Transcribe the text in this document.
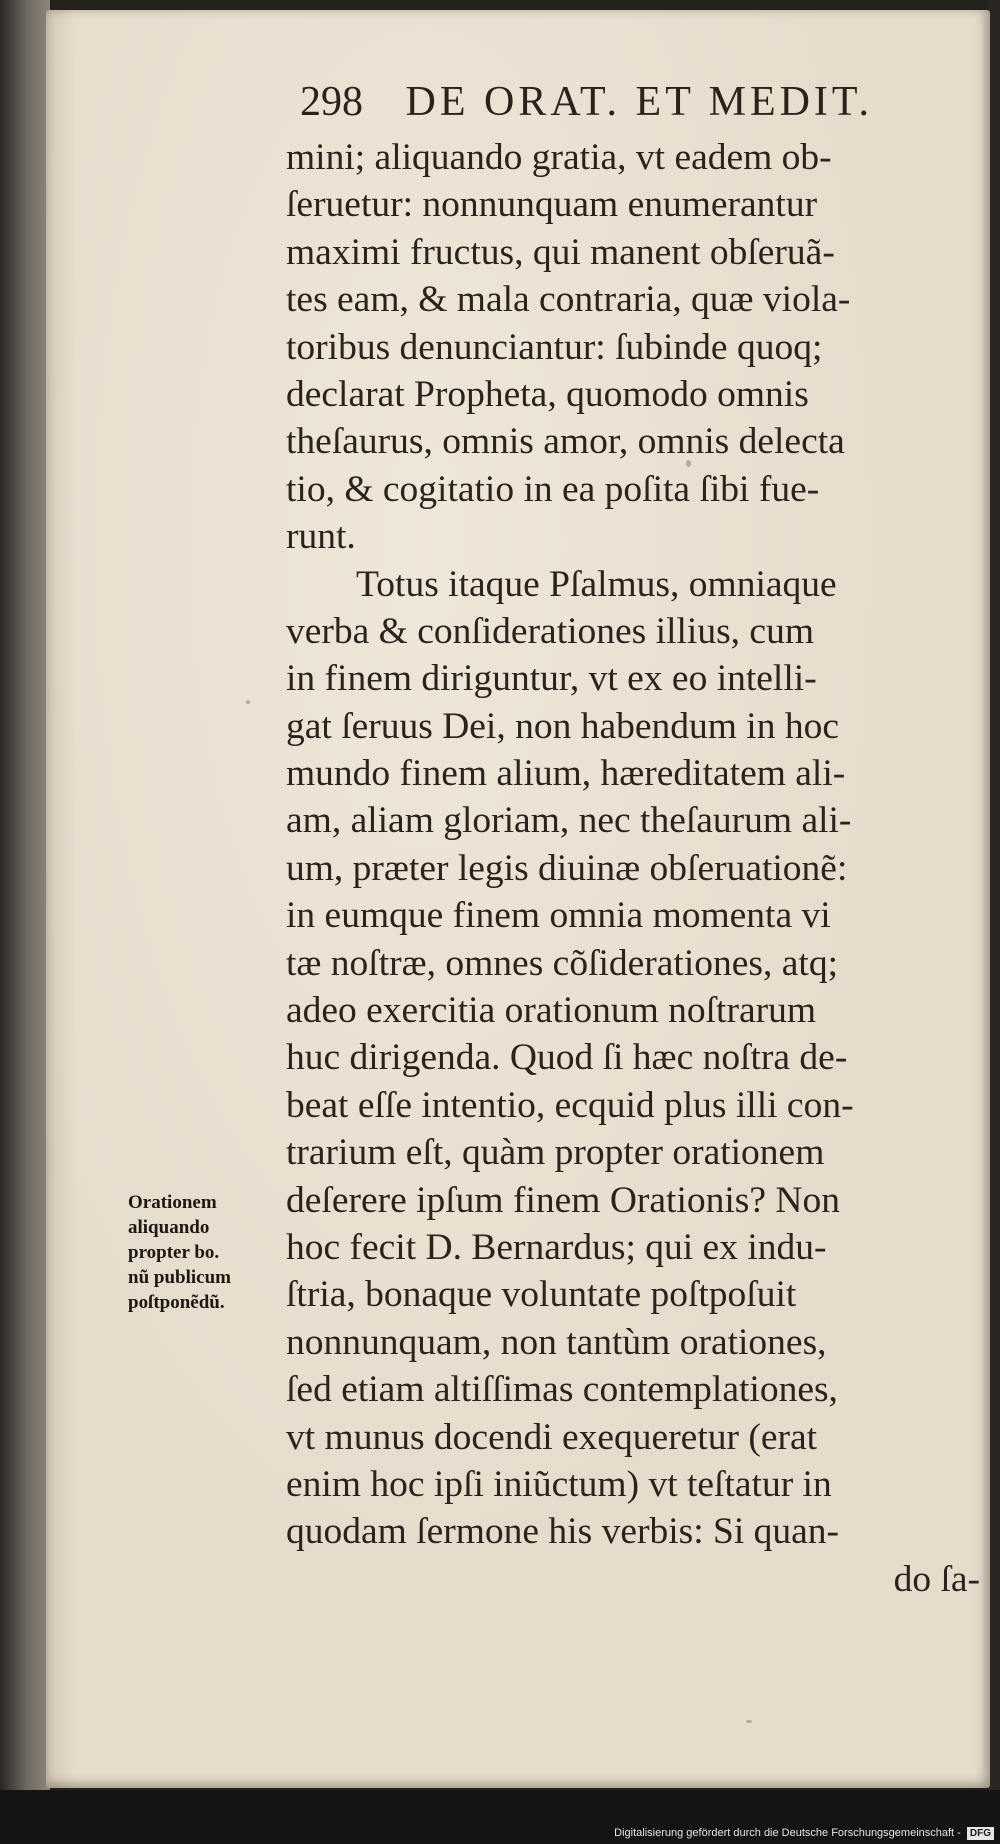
298 DE ORAT. ET MEDIT.
mini; aliquando gratia, vt eadem ob-
ſeruetur: nonnunquam enumerantur
maximi fructus, qui manent obſeruã-
tes eam, & mala contraria, quæ viola-
toribus denunciantur: ſubinde quoq;
declarat Propheta, quomodo omnis
theſaurus, omnis amor, omnis delecta
tio, & cogitatio in ea poſita ſibi fue-
runt.
Totus itaque Pſalmus, omniaque
verba & conſiderationes illius, cum
in finem diriguntur, vt ex eo intelli-
gat ſeruus Dei, non habendum in hoc
mundo finem alium, hæreditatem ali-
am, aliam gloriam, nec theſaurum ali-
um, præter legis diuinæ obſeruationẽ:
in eumque finem omnia momenta vi
tæ noſtræ, omnes cõſiderationes, atq;
adeo exercitia orationum noſtrarum
huc dirigenda. Quod ſi hæc noſtra de-
beat eſſe intentio, ecquid plus illi con-
trarium eſt, quàm propter orationem
deſerere ipſum finem Orationis? Non
hoc fecit D. Bernardus; qui ex indu-
ſtria, bonaque voluntate poſtpoſuit
nonnunquam, non tantùm orationes,
ſed etiam altiſſimas contemplationes,
vt munus docendi exequeretur (erat
enim hoc ipſi iniũctum) vt teſtatur in
quodam ſermone his verbis: Si quan-
do ſa-
Orationem
aliquando
propter bo.
nũ publicum
poſtponẽdũ.
Digitalisierung gefördert durch die Deutsche Forschungsgemeinschaft - DFG
